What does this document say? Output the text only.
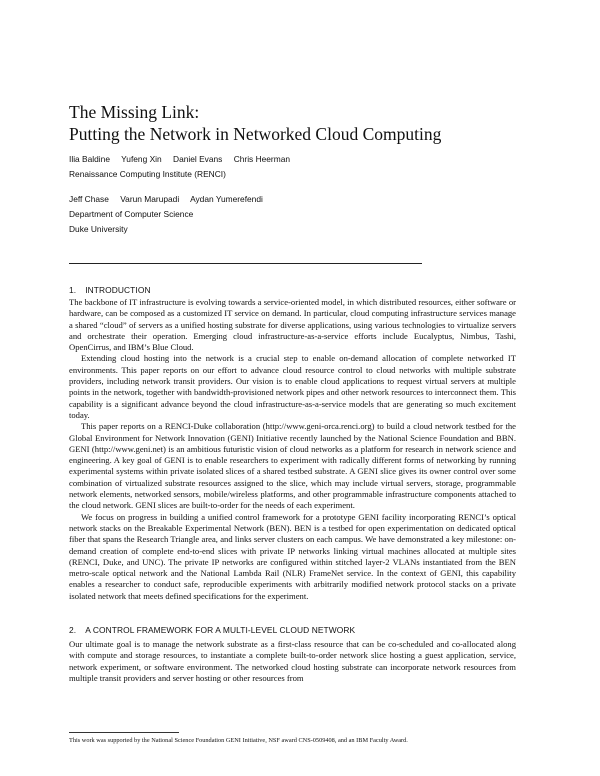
The Missing Link:
Putting the Network in Networked Cloud Computing
Ilia Baldine Yufeng Xin Daniel Evans Chris Heerman
Renaissance Computing Institute (RENCI)
Jeff Chase Varun Marupadi Aydan Yumerefendi
Department of Computer Science
Duke University
1. INTRODUCTION

The backbone of IT infrastructure is evolving towards a service-oriented model, in which distributed resources, either software or hardware, can be composed as a customized IT service on demand. In particular, cloud computing infrastructure services manage a shared “cloud” of servers as a unified hosting substrate for diverse applications, using various technologies to virtualize servers and orchestrate their operation. Emerging cloud infrastructure-as-a-service efforts include Eucalyptus, Nimbus, Tashi, OpenCirrus, and IBM’s Blue Cloud.

Extending cloud hosting into the network is a crucial step to enable on-demand allocation of complete networked IT environments. This paper reports on our effort to advance cloud resource control to cloud networks with multiple substrate providers, including network transit providers. Our vision is to enable cloud applications to request virtual servers at multiple points in the network, together with bandwidth-provisioned network pipes and other network resources to interconnect them. This capability is a significant advance beyond the cloud infrastructure-as-a-service models that are generating so much excitement today.

This paper reports on a RENCI-Duke collaboration (http://www.geni-orca.renci.org) to build a cloud network testbed for the Global Environment for Network Innovation (GENI) Initiative recently launched by the National Science Foundation and BBN. GENI (http://www.geni.net) is an ambitious futuristic vision of cloud networks as a platform for research in network science and engineering. A key goal of GENI is to enable researchers to experiment with radically different forms of networking by running experimental systems within private isolated slices of a shared testbed substrate. A GENI slice gives its owner control over some combination of virtualized substrate resources assigned to the slice, which may include virtual servers, storage, programmable network elements, networked sensors, mobile/wireless platforms, and other programmable infrastructure components attached to the cloud network. GENI slices are built-to-order for the needs of each experiment.

We focus on progress in building a unified control framework for a prototype GENI facility incorporating RENCI’s optical network stacks on the Breakable Experimental Network (BEN). BEN is a testbed for open experimentation on dedicated optical fiber that spans the Research Triangle area, and links server clusters on each campus. We have demonstrated a key milestone: on-demand creation of complete end-to-end slices with private IP networks linking virtual machines allocated at multiple sites (RENCI, Duke, and UNC). The private IP networks are configured within stitched layer-2 VLANs instantiated from the BEN metro-scale optical network and the National Lambda Rail (NLR) FrameNet service. In the context of GENI, this capability enables a researcher to conduct safe, reproducible experiments with arbitrarily modified network protocol stacks on a private isolated network that meets defined specifications for the experiment.

2. A CONTROL FRAMEWORK FOR A MULTI-LEVEL CLOUD NETWORK

Our ultimate goal is to manage the network substrate as a first-class resource that can be co-scheduled and co-allocated along with compute and storage resources, to instantiate a complete built-to-order network slice hosting a guest application, service, network experiment, or software environment. The networked cloud hosting substrate can incorporate network resources from multiple transit providers and server hosting or other resources from

This work was supported by the National Science Foundation GENI Initiative, NSF award CNS-0509408, and an IBM Faculty Award.
